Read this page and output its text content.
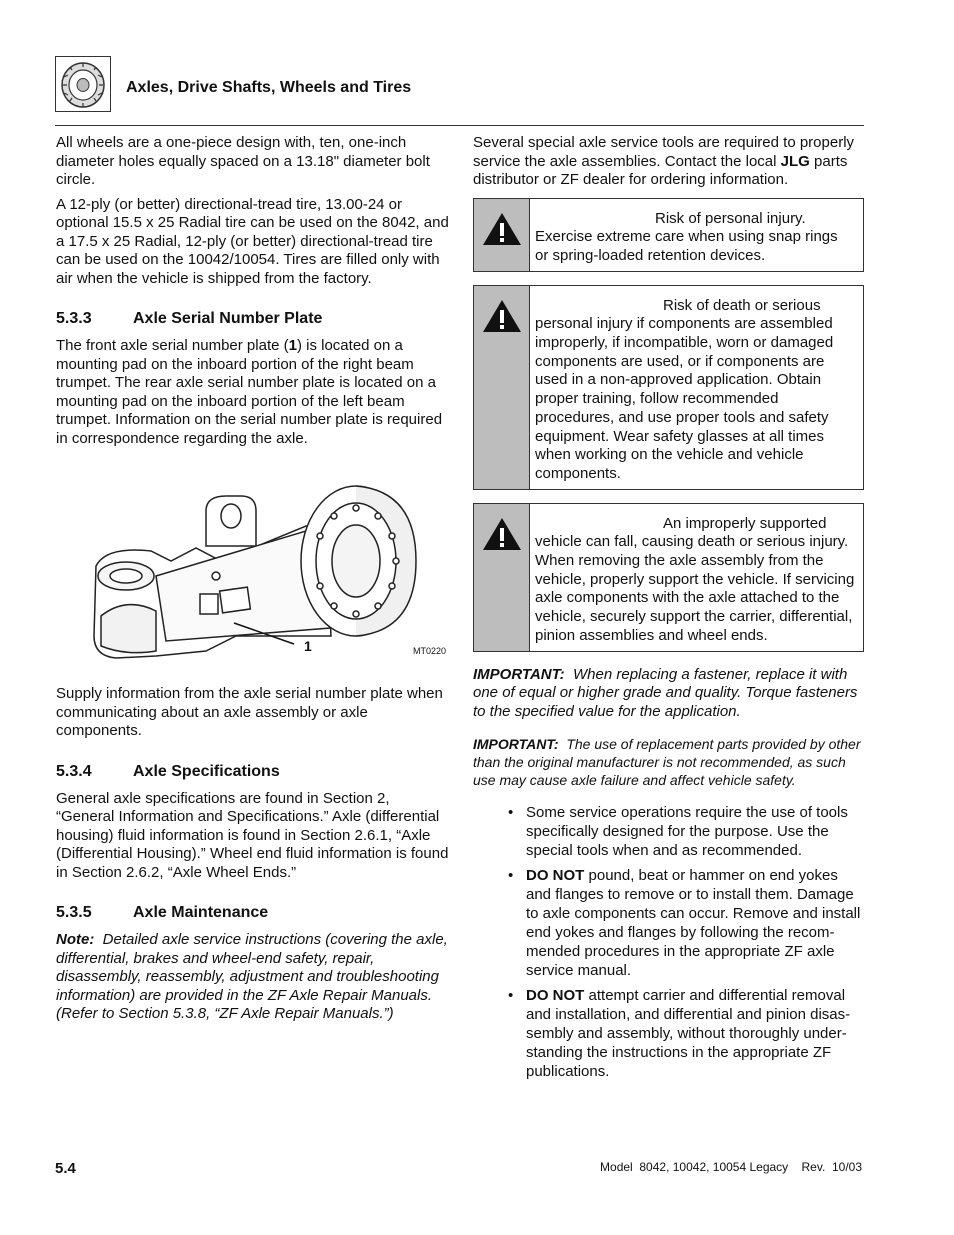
Axles, Drive Shafts, Wheels and Tires

All wheels are a one-piece design with, ten, one-inch diameter holes equally spaced on a 13.18" diameter bolt circle.

A 12-ply (or better) directional-tread tire, 13.00-24 or optional 15.5 x 25 Radial tire can be used on the 8042, and a 17.5 x 25 Radial, 12-ply (or better) directional-tread tire can be used on the 10042/10054. Tires are filled only with air when the vehicle is shipped from the factory.

5.3.3	Axle Serial Number Plate

The front axle serial number plate (1) is located on a mounting pad on the inboard portion of the right beam trumpet. The rear axle serial number plate is located on a mounting pad on the inboard portion of the left beam trumpet. Information on the serial number plate is required in correspondence regarding the axle.

1	MT0220

Supply information from the axle serial number plate when communicating about an axle assembly or axle components.

5.3.4	Axle Specifications

General axle specifications are found in Section 2, “General Information and Specifications.” Axle (differential housing) fluid information is found in Section 2.6.1, “Axle (Differential Housing).” Wheel end fluid information is found in Section 2.6.2, “Axle Wheel Ends.”

5.3.5	Axle Maintenance

Note: Detailed axle service instructions (covering the axle, differential, brakes and wheel-end safety, repair, disassembly, reassembly, adjustment and troubleshooting information) are provided in the ZF Axle Repair Manuals. (Refer to Section 5.3.8, “ZF Axle Repair Manuals.”)

Several special axle service tools are required to properly service the axle assemblies. Contact the local JLG parts distributor or ZF dealer for ordering information.

Risk of personal injury. Exercise extreme care when using snap rings or spring-loaded retention devices.
Risk of death or serious personal injury if components are assembled improperly, if incompatible, worn or damaged components are used, or if components are used in a non-approved application. Obtain proper training, follow recommended procedures, and use proper tools and safety equipment. Wear safety glasses at all times when working on the vehicle and vehicle components.
An improperly supported vehicle can fall, causing death or serious injury. When removing the axle assembly from the vehicle, properly support the vehicle. If servicing axle components with the axle attached to the vehicle, securely support the carrier, differential, pinion assemblies and wheel ends.

IMPORTANT: When replacing a fastener, replace it with one of equal or higher grade and quality. Torque fasteners to the specified value for the application.

IMPORTANT: The use of replacement parts provided by other than the original manufacturer is not recommended, as such use may cause axle failure and affect vehicle safety.

• Some service operations require the use of tools specifically designed for the purpose. Use the special tools when and as recommended.
• DO NOT pound, beat or hammer on end yokes and flanges to remove or to install them. Damage to axle components can occur. Remove and install end yokes and flanges by following the recommended procedures in the appropriate ZF axle service manual.
• DO NOT attempt carrier and differential removal and installation, and differential and pinion disassembly and assembly, without thoroughly understanding the instructions in the appropriate ZF publications.
5.4	Model  8042, 10042, 10054 Legacy    Rev.  10/03
